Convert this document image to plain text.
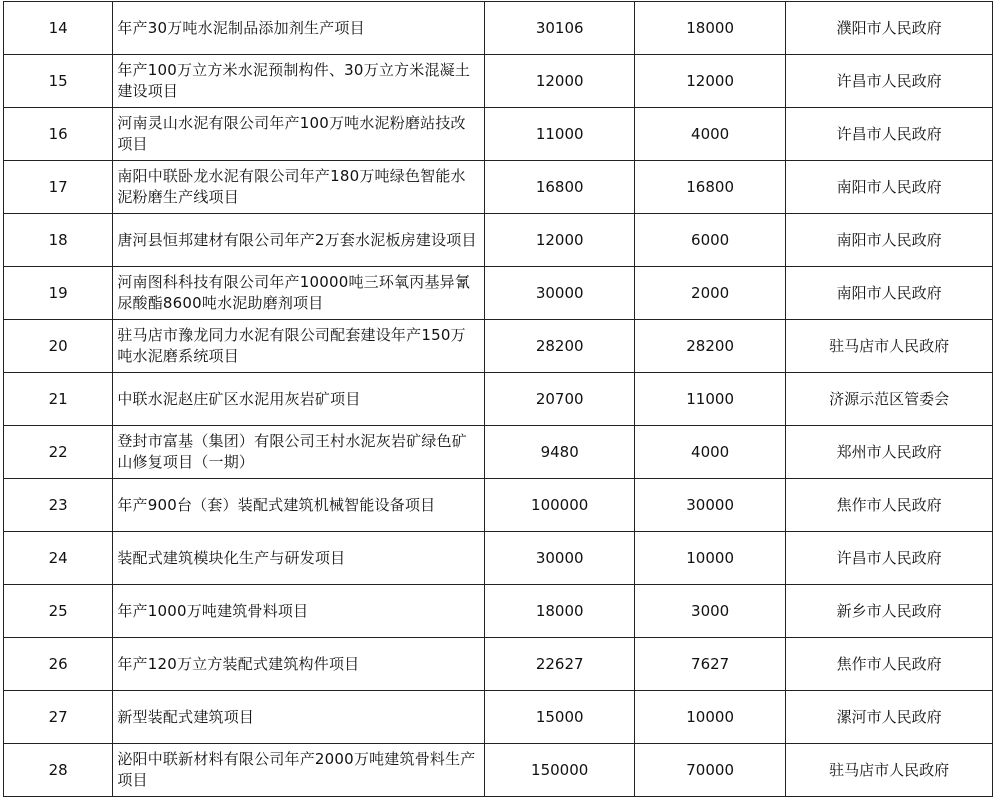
14	年产30万吨水泥制品添加剂生产项目	30106	18000	濮阳市人民政府
15	年产100万立方米水泥预制构件、30万立方米混凝土建设项目	12000	12000	许昌市人民政府
16	河南灵山水泥有限公司年产100万吨水泥粉磨站技改项目	11000	4000	许昌市人民政府
17	南阳中联卧龙水泥有限公司年产180万吨绿色智能水泥粉磨生产线项目	16800	16800	南阳市人民政府
18	唐河县恒邦建材有限公司年产2万套水泥板房建设项目	12000	6000	南阳市人民政府
19	河南图科科技有限公司年产10000吨三环氧丙基异氰尿酸酯8600吨水泥助磨剂项目	30000	2000	南阳市人民政府
20	驻马店市豫龙同力水泥有限公司配套建设年产150万吨水泥磨系统项目	28200	28200	驻马店市人民政府
21	中联水泥赵庄矿区水泥用灰岩矿项目	20700	11000	济源示范区管委会
22	登封市富基（集团）有限公司王村水泥灰岩矿绿色矿山修复项目（一期）	9480	4000	郑州市人民政府
23	年产900台（套）装配式建筑机械智能设备项目	100000	30000	焦作市人民政府
24	装配式建筑模块化生产与研发项目	30000	10000	许昌市人民政府
25	年产1000万吨建筑骨料项目	18000	3000	新乡市人民政府
26	年产120万立方装配式建筑构件项目	22627	7627	焦作市人民政府
27	新型装配式建筑项目	15000	10000	漯河市人民政府
28	泌阳中联新材料有限公司年产2000万吨建筑骨料生产项目	150000	70000	驻马店市人民政府
